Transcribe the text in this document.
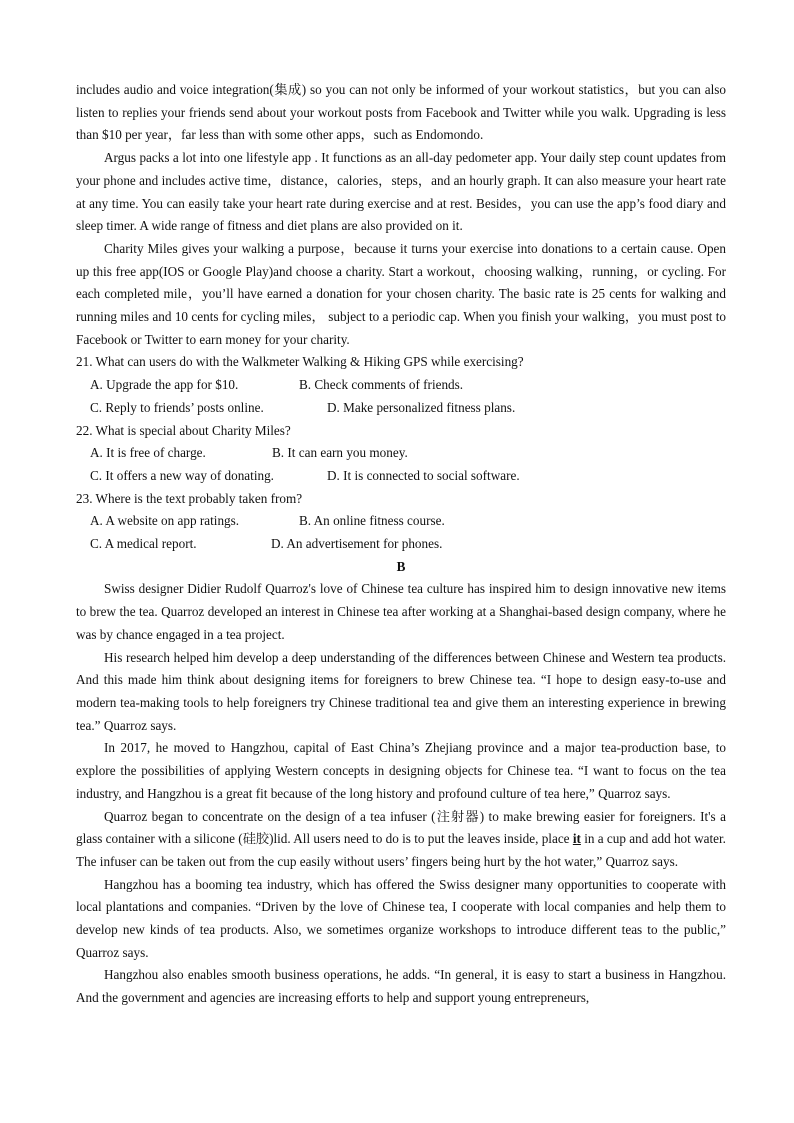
includes audio and voice integration(集成) so you can not only be informed of your workout statistics，but you can also listen to replies your friends send about your workout posts from Facebook and Twitter while you walk. Upgrading is less than $10 per year，far less than with some other apps，such as Endomondo.

Argus packs a lot into one lifestyle app . It functions as an all-day pedometer app. Your daily step count updates from your phone and includes active time，distance，calories，steps，and an hourly graph. It can also measure your heart rate at any time. You can easily take your heart rate during exercise and at rest. Besides，you can use the app’s food diary and sleep timer. A wide range of fitness and diet plans are also provided on it.

Charity Miles gives your walking a purpose，because it turns your exercise into donations to a certain cause. Open up this free app(IOS or Google Play)and choose a charity. Start a workout，choosing walking，running，or cycling. For each completed mile，you’ll have earned a donation for your chosen charity. The basic rate is 25 cents for walking and running miles and 10 cents for cycling miles， subject to a periodic cap. When you finish your walking，you must post to Facebook or Twitter to earn money for your charity.

21. What can users do with the Walkmeter Walking & Hiking GPS while exercising?
A. Upgrade the app for $10.	B. Check comments of friends.
C. Reply to friends’ posts online.	D. Make personalized fitness plans.
22. What is special about Charity Miles?
A. It is free of charge.	B. It can earn you money.
C. It offers a new way of donating.	D. It is connected to social software.
23. Where is the text probably taken from?
A. A website on app ratings.	B. An online fitness course.
C. A medical report.	D. An advertisement for phones.
B

Swiss designer Didier Rudolf Quarroz's love of Chinese tea culture has inspired him to design innovative new items to brew the tea. Quarroz developed an interest in Chinese tea after working at a Shanghai-based design company, where he was by chance engaged in a tea project.

His research helped him develop a deep understanding of the differences between Chinese and Western tea products. And this made him think about designing items for foreigners to brew Chinese tea. “I hope to design easy-to-use and modern tea-making tools to help foreigners try Chinese traditional tea and give them an interesting experience in brewing tea.” Quarroz says.

In 2017, he moved to Hangzhou, capital of East China’s Zhejiang province and a major tea-production base, to explore the possibilities of applying Western concepts in designing objects for Chinese tea. “I want to focus on the tea industry, and Hangzhou is a great fit because of the long history and profound culture of tea here,” Quarroz says.

Quarroz began to concentrate on the design of a tea infuser (注射器) to make brewing easier for foreigners. It's a glass container with a silicone (硅胶)lid. All users need to do is to put the leaves inside, place it in a cup and add hot water. The infuser can be taken out from the cup easily without users’ fingers being hurt by the hot water,” Quarroz says.

Hangzhou has a booming tea industry, which has offered the Swiss designer many opportunities to cooperate with local plantations and companies. “Driven by the love of Chinese tea, I cooperate with local companies and help them to develop new kinds of tea products. Also, we sometimes organize workshops to introduce different teas to the public,” Quarroz says.

Hangzhou also enables smooth business operations, he adds. “In general, it is easy to start a business in Hangzhou. And the government and agencies are increasing efforts to help and support young entrepreneurs,
